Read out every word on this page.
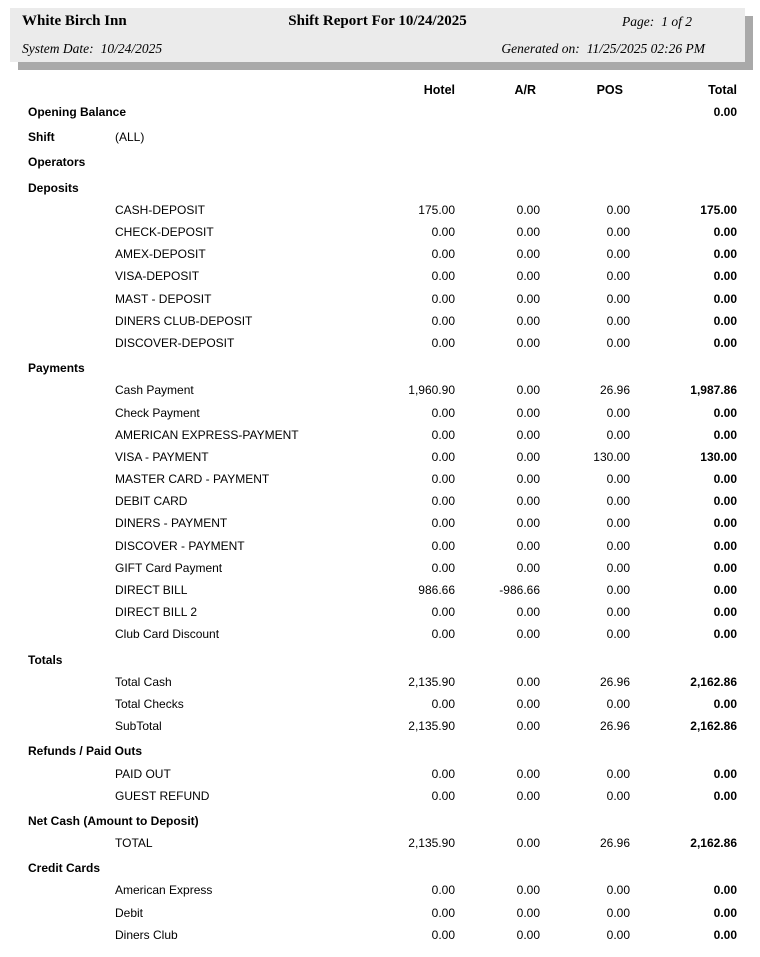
White Birch Inn	Shift Report For 10/24/2025	Page: 1 of 2
System Date: 10/24/2025	Generated on: 11/25/2025 02:26 PM
Hotel	A/R	POS	Total
Opening Balance	0.00
Shift	(ALL)
Operators
Deposits
CASH-DEPOSIT	175.00	0.00	0.00	175.00
CHECK-DEPOSIT	0.00	0.00	0.00	0.00
AMEX-DEPOSIT	0.00	0.00	0.00	0.00
VISA-DEPOSIT	0.00	0.00	0.00	0.00
MAST - DEPOSIT	0.00	0.00	0.00	0.00
DINERS CLUB-DEPOSIT	0.00	0.00	0.00	0.00
DISCOVER-DEPOSIT	0.00	0.00	0.00	0.00
Payments
Cash Payment	1,960.90	0.00	26.96	1,987.86
Check Payment	0.00	0.00	0.00	0.00
AMERICAN EXPRESS-PAYMENT	0.00	0.00	0.00	0.00
VISA - PAYMENT	0.00	0.00	130.00	130.00
MASTER CARD - PAYMENT	0.00	0.00	0.00	0.00
DEBIT CARD	0.00	0.00	0.00	0.00
DINERS - PAYMENT	0.00	0.00	0.00	0.00
DISCOVER - PAYMENT	0.00	0.00	0.00	0.00
GIFT Card Payment	0.00	0.00	0.00	0.00
DIRECT BILL	986.66	-986.66	0.00	0.00
DIRECT BILL 2	0.00	0.00	0.00	0.00
Club Card Discount	0.00	0.00	0.00	0.00
Totals
Total Cash	2,135.90	0.00	26.96	2,162.86
Total Checks	0.00	0.00	0.00	0.00
SubTotal	2,135.90	0.00	26.96	2,162.86
Refunds / Paid Outs
PAID OUT	0.00	0.00	0.00	0.00
GUEST REFUND	0.00	0.00	0.00	0.00
Net Cash (Amount to Deposit)
TOTAL	2,135.90	0.00	26.96	2,162.86
Credit Cards
American Express	0.00	0.00	0.00	0.00
Debit	0.00	0.00	0.00	0.00
Diners Club	0.00	0.00	0.00	0.00
